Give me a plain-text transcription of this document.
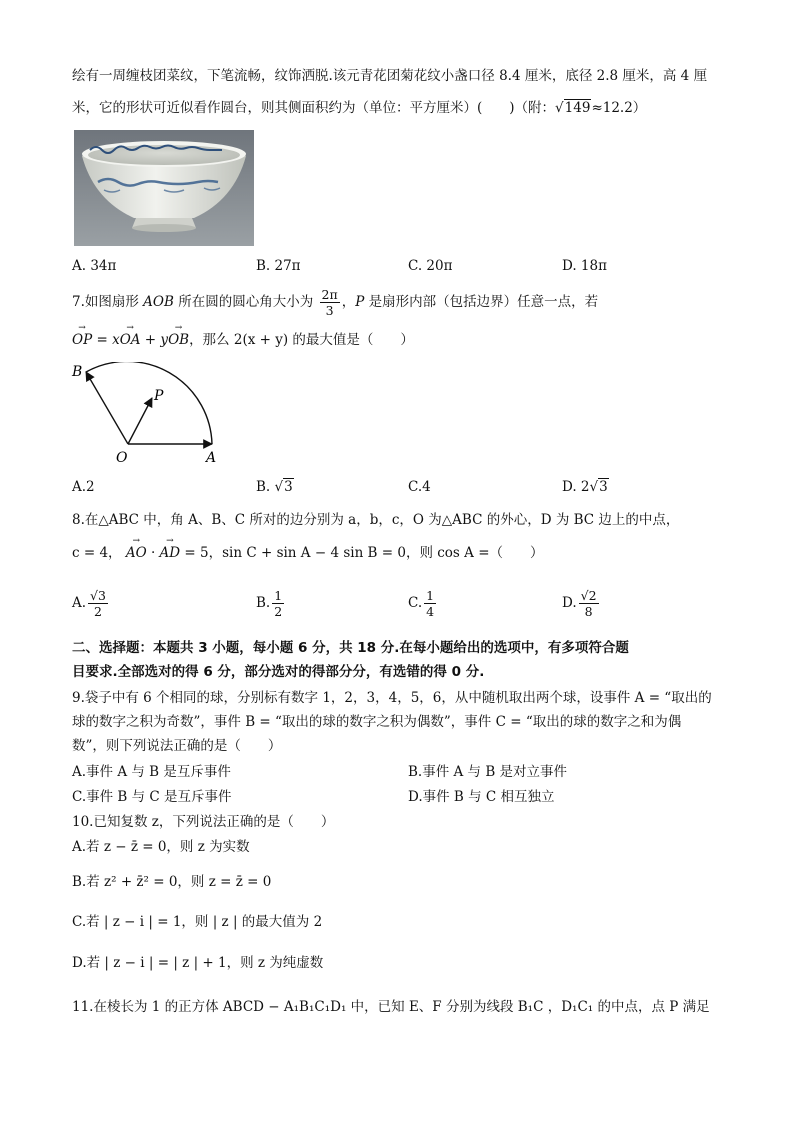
绘有一周缠枝团菜纹，下笔流畅，纹饰洒脱.该元青花团菊花纹小盏口径 8.4 厘米，底径 2.8 厘米，高 4 厘
米，它的形状可近似看作圆台，则其侧面积约为（单位：平方厘米）(　　)（附：√149≈12.2）
A. 34π	B. 27π	C. 20π	D. 18π
7.如图扇形 AOB 所在圆的圆心角大小为 $\frac{2\pi}{3}$ ，P 是扇形内部（包括边界）任意一点，若
→ OP = x→ OA + y→ OB，那么 2(x + y) 的最大值是（　　）
B
P
O	A
A.2	B. √3	C.4	D. 2√3
8.在△ABC 中，角 A、B、C 所对的边分别为 a，b，c，O 为△ABC 的外心，D 为 BC 边上的中点，
c = 4， → AO · → AD = 5，sin C + sin A − 4 sin B = 0，则 cos A =（　　）
A. $\frac{√3}{2}$	B. $\frac{1}{2}$	C. $\frac{1}{4}$	D. $\frac{√2}{8}$
二、选择题：本题共 3 小题，每小题 6 分，共 18 分.在每小题给出的选项中，有多项符合题
目要求.全部选对的得 6 分，部分选对的得部分分，有选错的得 0 分.
9.袋子中有 6 个相同的球，分别标有数字 1，2，3，4，5，6，从中随机取出两个球，设事件 A = “取出的
球的数字之积为奇数”，事件 B = “取出的球的数字之积为偶数”，事件 C = “取出的球的数字之和为偶
数”，则下列说法正确的是（　　）
A.事件 A 与 B 是互斥事件	B.事件 A 与 B 是对立事件
C.事件 B 与 C 是互斥事件	D.事件 B 与 C 相互独立
10.已知复数 z，下列说法正确的是（　　）
A.若 z − z̄ = 0，则 z 为实数
B.若 z² + z̄² = 0，则 z = z̄ = 0
C.若 | z − i | = 1，则 | z | 的最大值为 2
D.若 | z − i | = | z | + 1，则 z 为纯虚数
11.在棱长为 1 的正方体 ABCD − A₁B₁C₁D₁ 中，已知 E、F 分别为线段 B₁C ，D₁C₁ 的中点，点 P 满足
